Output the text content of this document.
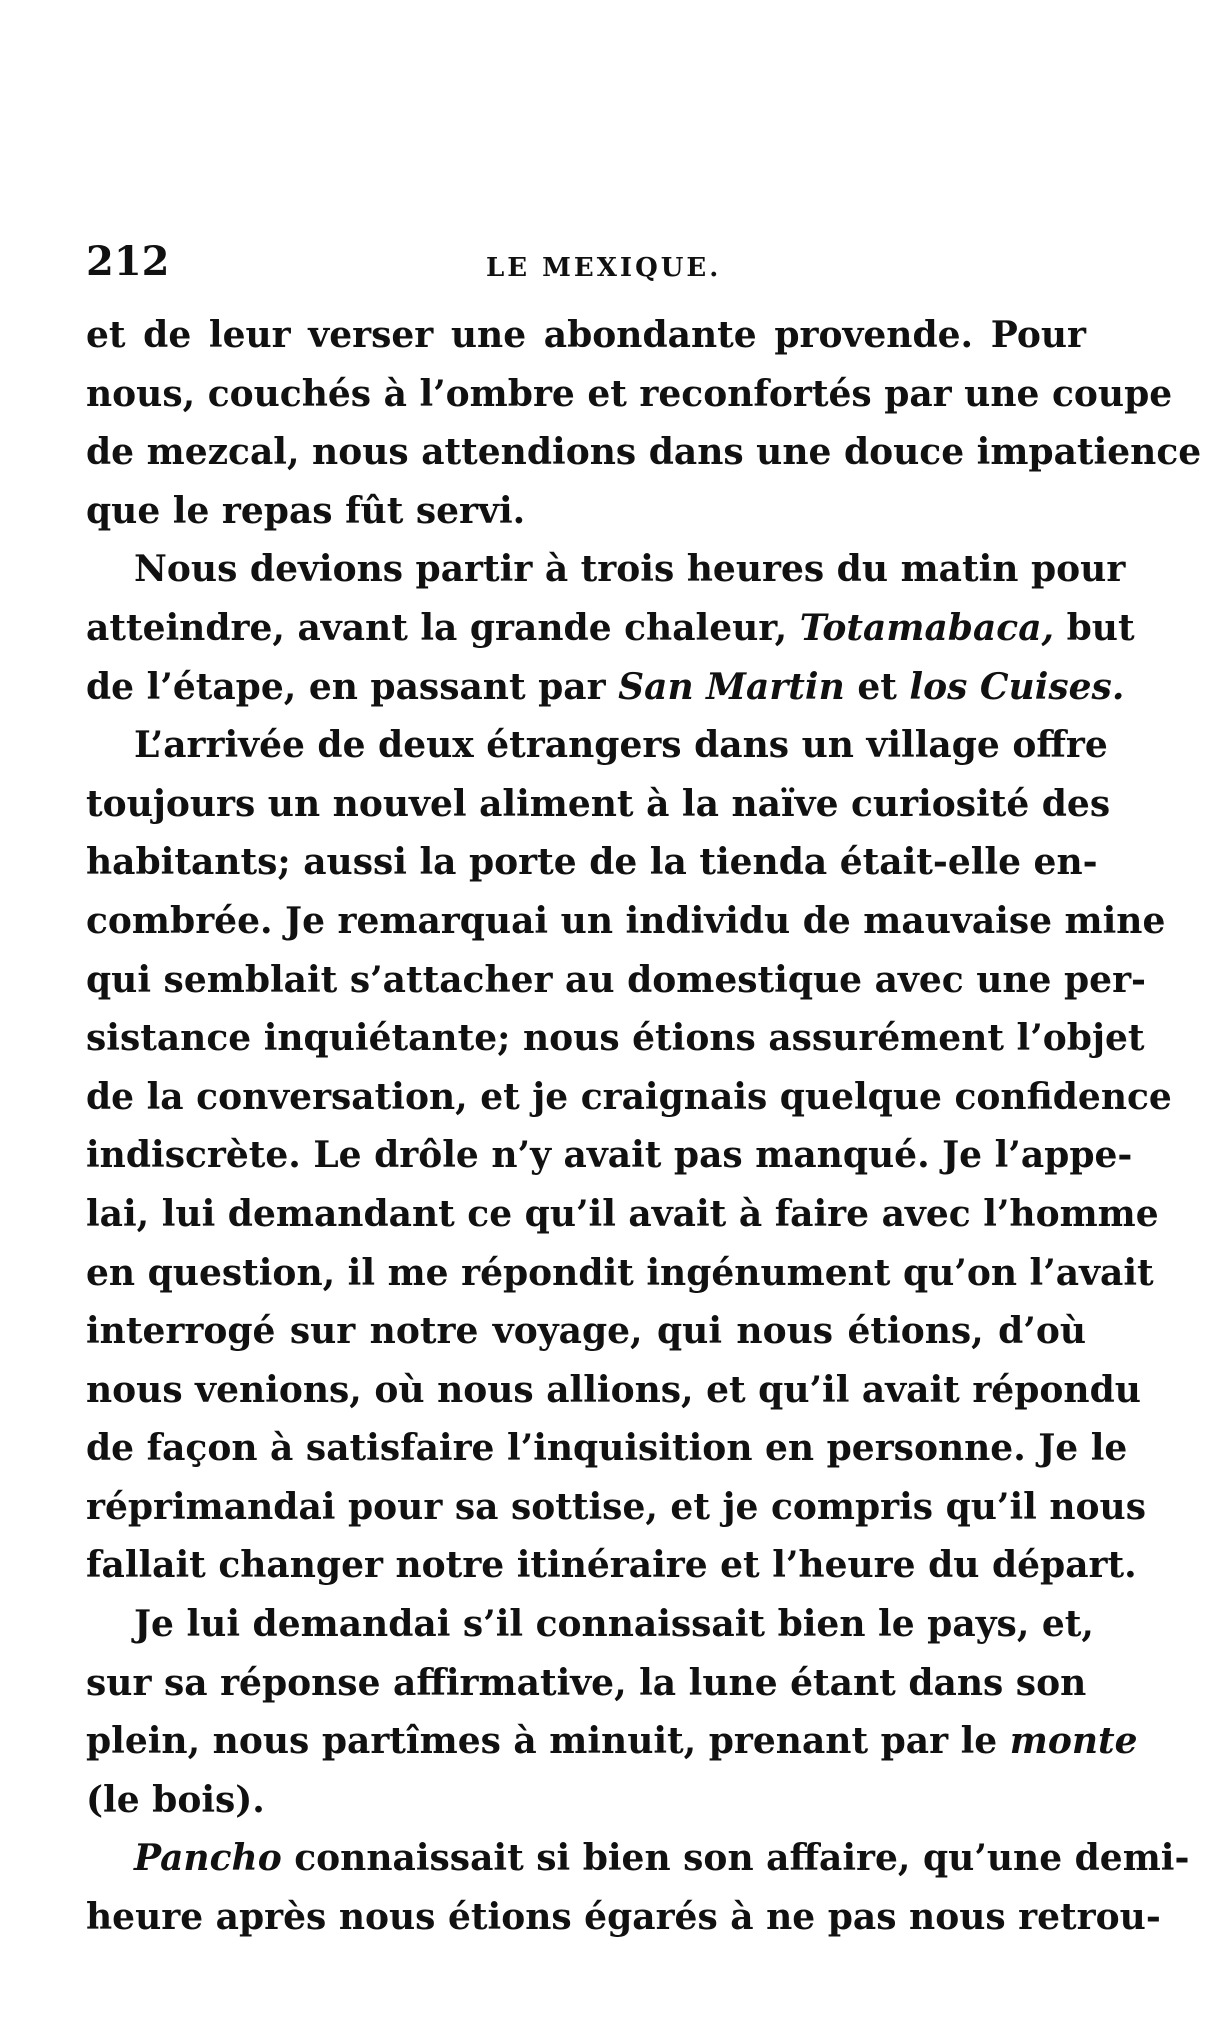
212	LE MEXIQUE.
et de leur verser une abondante provende. Pour
nous, couchés à l’ombre et reconfortés par une coupe
de mezcal, nous attendions dans une douce impatience
que le repas fût servi.
Nous devions partir à trois heures du matin pour
atteindre, avant la grande chaleur, Totamabaca, but
de l’étape, en passant par San Martin et los Cuises.
L’arrivée de deux étrangers dans un village offre
toujours un nouvel aliment à la naïve curiosité des
habitants; aussi la porte de la tienda était-elle en-
combrée. Je remarquai un individu de mauvaise mine
qui semblait s’attacher au domestique avec une per-
sistance inquiétante; nous étions assurément l’objet
de la conversation, et je craignais quelque confidence
indiscrète. Le drôle n’y avait pas manqué. Je l’appe-
lai, lui demandant ce qu’il avait à faire avec l’homme
en question, il me répondit ingénument qu’on l’avait
interrogé sur notre voyage, qui nous étions, d’où
nous venions, où nous allions, et qu’il avait répondu
de façon à satisfaire l’inquisition en personne. Je le
réprimandai pour sa sottise, et je compris qu’il nous
fallait changer notre itinéraire et l’heure du départ.
Je lui demandai s’il connaissait bien le pays, et,
sur sa réponse affirmative, la lune étant dans son
plein, nous partîmes à minuit, prenant par le monte
(le bois).
Pancho connaissait si bien son affaire, qu’une demi-
heure après nous étions égarés à ne pas nous retrou-
